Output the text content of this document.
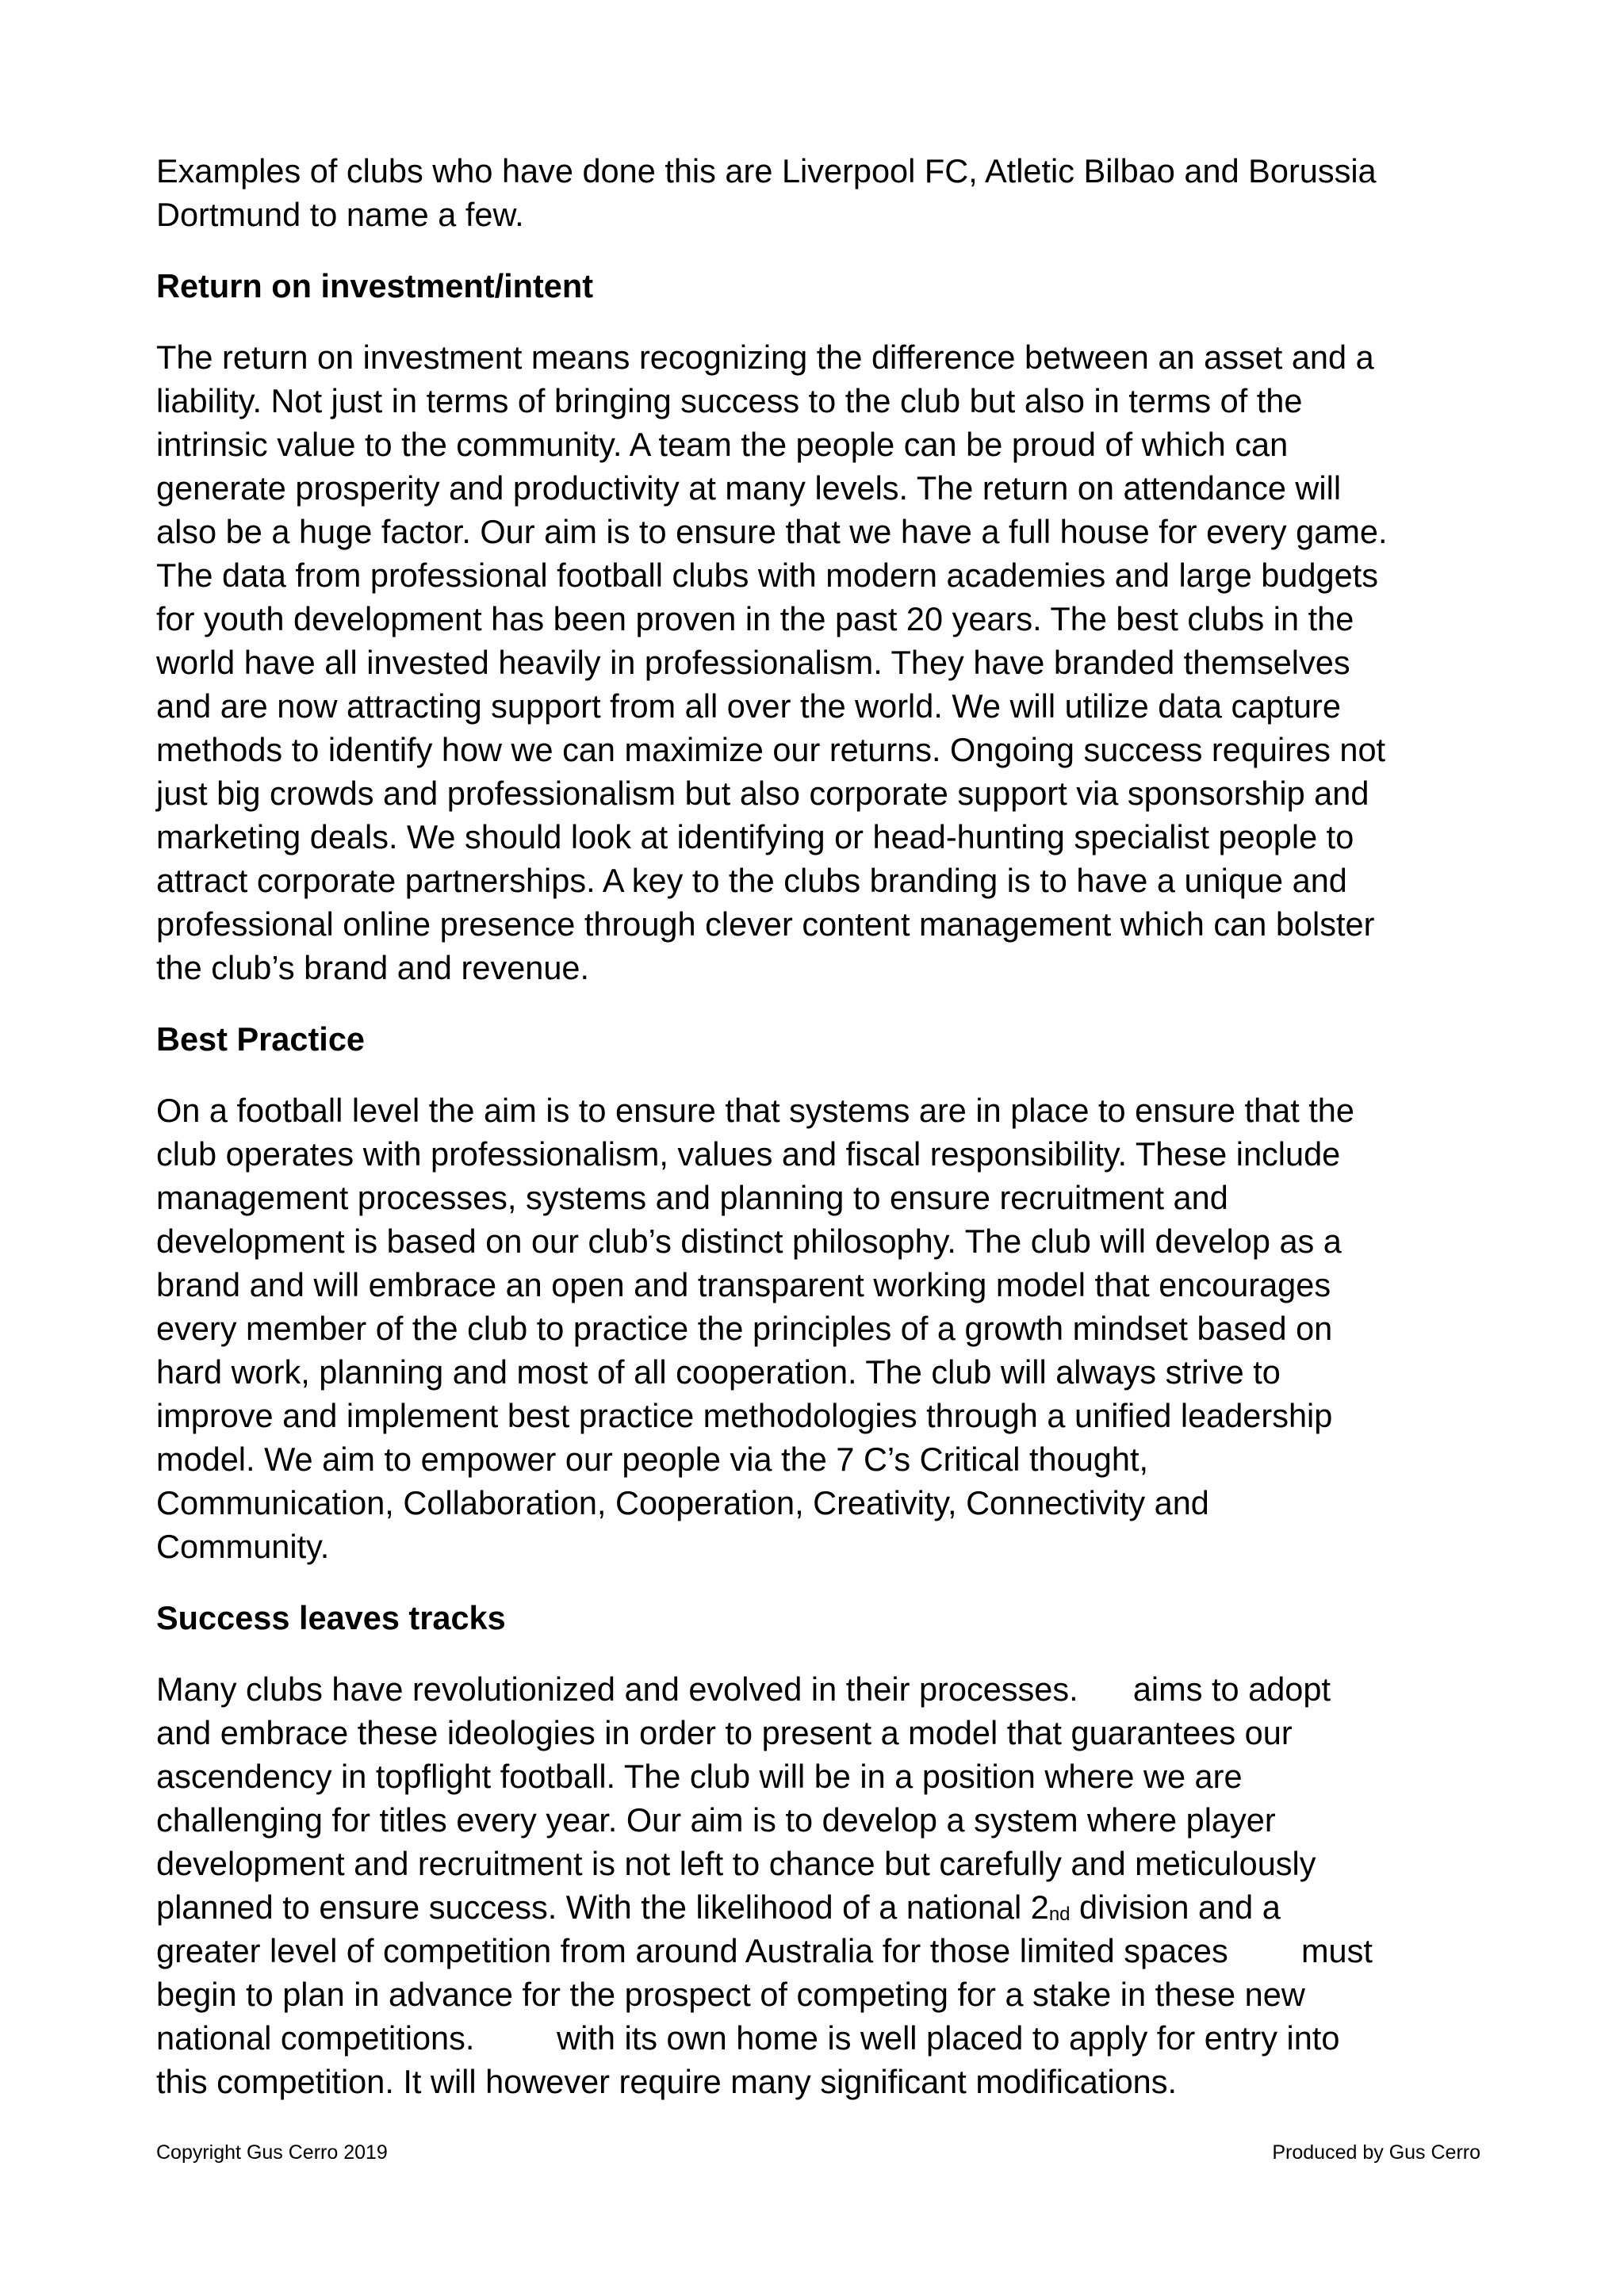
Examples of clubs who have done this are Liverpool FC, Atletic Bilbao and Borussia
Dortmund to name a few.

Return on investment/intent

The return on investment means recognizing the difference between an asset and a
liability. Not just in terms of bringing success to the club but also in terms of the
intrinsic value to the community. A team the people can be proud of which can
generate prosperity and productivity at many levels. The return on attendance will
also be a huge factor. Our aim is to ensure that we have a full house for every game.
The data from professional football clubs with modern academies and large budgets
for youth development has been proven in the past 20 years. The best clubs in the
world have all invested heavily in professionalism. They have branded themselves
and are now attracting support from all over the world. We will utilize data capture
methods to identify how we can maximize our returns. Ongoing success requires not
just big crowds and professionalism but also corporate support via sponsorship and
marketing deals. We should look at identifying or head-hunting specialist people to
attract corporate partnerships. A key to the clubs branding is to have a unique and
professional online presence through clever content management which can bolster
the club’s brand and revenue.

Best Practice

On a football level the aim is to ensure that systems are in place to ensure that the
club operates with professionalism, values and fiscal responsibility. These include
management processes, systems and planning to ensure recruitment and
development is based on our club’s distinct philosophy. The club will develop as a
brand and will embrace an open and transparent working model that encourages
every member of the club to practice the principles of a growth mindset based on
hard work, planning and most of all cooperation. The club will always strive to
improve and implement best practice methodologies through a unified leadership
model. We aim to empower our people via the 7 C’s Critical thought,
Communication, Collaboration, Cooperation, Creativity, Connectivity and
Community.

Success leaves tracks

Many clubs have revolutionized and evolved in their processes.      aims to adopt
and embrace these ideologies in order to present a model that guarantees our
ascendency in topflight football. The club will be in a position where we are
challenging for titles every year. Our aim is to develop a system where player
development and recruitment is not left to chance but carefully and meticulously
planned to ensure success. With the likelihood of a national 2nd division and a
greater level of competition from around Australia for those limited spaces        must
begin to plan in advance for the prospect of competing for a stake in these new
national competitions.         with its own home is well placed to apply for entry into
this competition. It will however require many significant modifications.

Copyright Gus Cerro 2019	Produced by Gus Cerro
